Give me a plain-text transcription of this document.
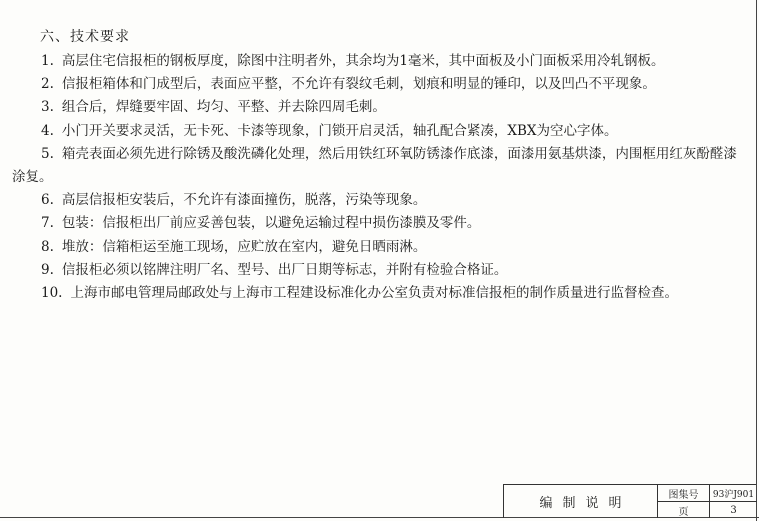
六、技术要求

1. 高层住宅信报柜的钢板厚度，除图中注明者外，其余均为1毫米，其中面板及小门面板采用冷轧钢板。

2. 信报柜箱体和门成型后，表面应平整，不允许有裂纹毛刺，划痕和明显的锤印，以及凹凸不平现象。

3. 组合后，焊缝要牢固、均匀、平整、并去除四周毛刺。

4. 小门开关要求灵活，无卡死、卡漆等现象，门锁开启灵活，轴孔配合紧凑，XBX为空心字体。

5. 箱壳表面必须先进行除锈及酸洗磷化处理，然后用铁红环氧防锈漆作底漆，面漆用氨基烘漆，内围框用红灰酚醛漆涂复。

6. 高层信报柜安装后，不允许有漆面撞伤，脱落，污染等现象。

7. 包装：信报柜出厂前应妥善包装，以避免运输过程中损伤漆膜及零件。

8. 堆放：信箱柜运至施工现场，应贮放在室内，避免日晒雨淋。

9. 信报柜必须以铭牌注明厂名、型号、出厂日期等标志，并附有检验合格证。

10. 上海市邮电管理局邮政处与上海市工程建设标准化办公室负责对标准信报柜的制作质量进行监督检查。

编制说明
图集号	93沪J901
页	3
